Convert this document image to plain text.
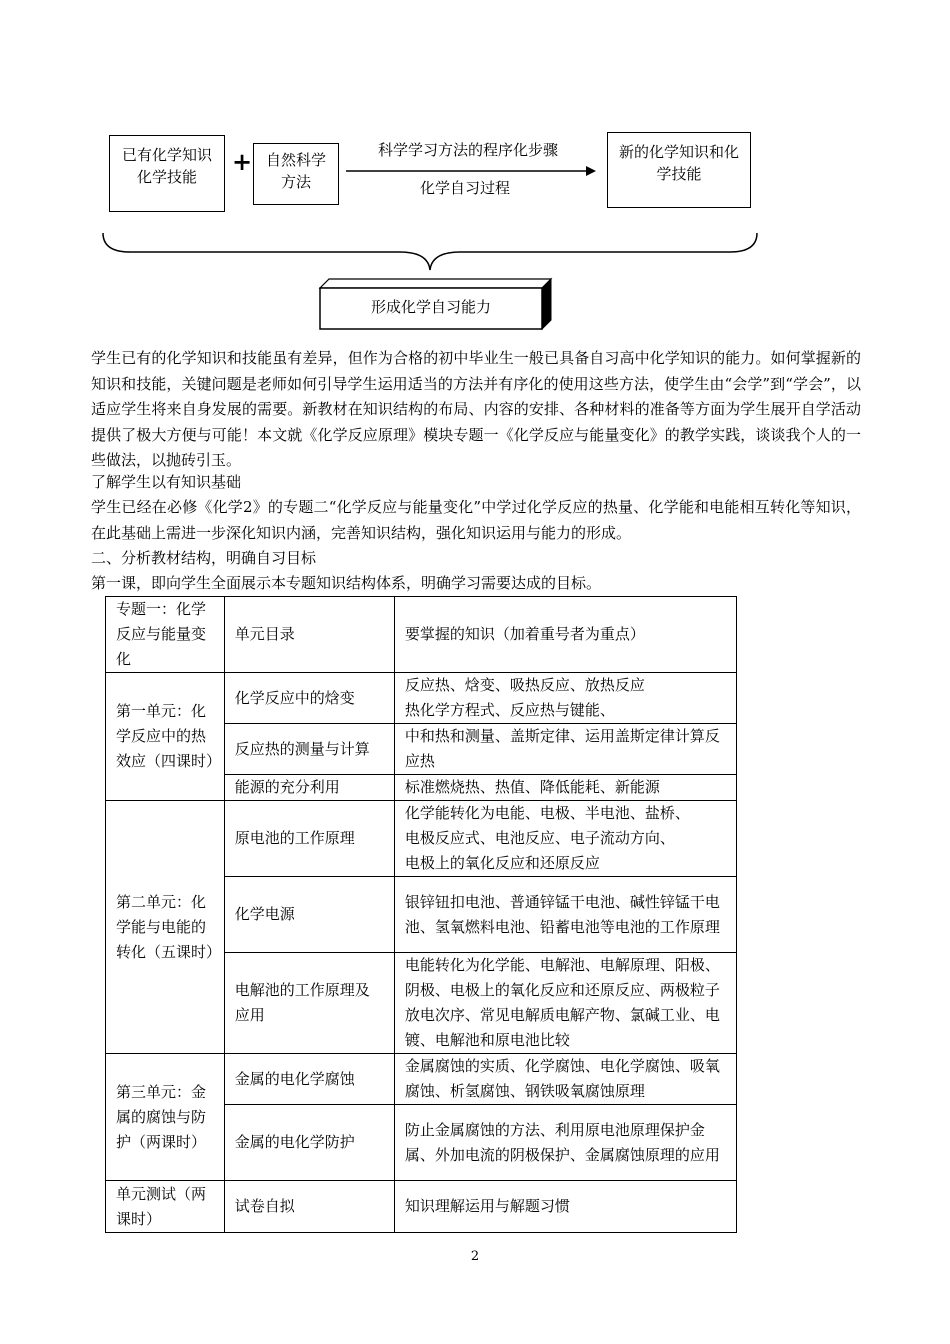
已有化学知识化学技能
+ 自然科学方法
科学学习方法的程序化步骤
化学自习过程
新的化学知识和化学技能
形成化学自习能力

学生已有的化学知识和技能虽有差异，但作为合格的初中毕业生一般已具备自习高中化学知识的能力。如何掌握新的知识和技能，关键问题是老师如何引导学生运用适当的方法并有序化的使用这些方法，使学生由“会学”到“学会”，以适应学生将来自身发展的需要。新教材在知识结构的布局、内容的安排、各种材料的准备等方面为学生展开自学活动提供了极大方便与可能！本文就《化学反应原理》模块专题一《化学反应与能量变化》的教学实践，谈谈我个人的一些做法，以抛砖引玉。

了解学生以有知识基础

学生已经在必修《化学2》的专题二“化学反应与能量变化”中学过化学反应的热量、化学能和电能相互转化等知识，在此基础上需进一步深化知识内涵，完善知识结构，强化知识运用与能力的形成。

二、分析教材结构，明确自习目标

第一课，即向学生全面展示本专题知识结构体系，明确学习需要达成的目标。

专题一：化学反应与能量变化	单元目录	要掌握的知识（加着重号者为重点）
第一单元：化学反应中的热效应（四课时）	化学反应中的焓变	反应热、焓变、吸热反应、放热反应
热化学方程式、反应热与键能、
	反应热的测量与计算	中和热和测量、盖斯定律、运用盖斯定律计算反应热
	能源的充分利用	标准燃烧热、热值、降低能耗、新能源
第二单元：化学能与电能的转化（五课时）	原电池的工作原理	化学能转化为电能、电极、半电池、盐桥、
电极反应式、电池反应、电子流动方向、
电极上的氧化反应和还原反应
	化学电源	银锌钮扣电池、普通锌锰干电池、碱性锌锰干电池、氢氧燃料电池、铅蓄电池等电池的工作原理
	电解池的工作原理及应用	电能转化为化学能、电解池、电解原理、阳极、阴极、电极上的氧化反应和还原反应、两极粒子放电次序、常见电解质电解产物、氯碱工业、电镀、电解池和原电池比较
第三单元：金属的腐蚀与防护（两课时）	金属的电化学腐蚀	金属腐蚀的实质、化学腐蚀、电化学腐蚀、吸氧腐蚀、析氢腐蚀、钢铁吸氧腐蚀原理
	金属的电化学防护	防止金属腐蚀的方法、利用原电池原理保护金属、外加电流的阴极保护、金属腐蚀原理的应用
单元测试（两课时）	试卷自拟	知识理解运用与解题习惯
2
